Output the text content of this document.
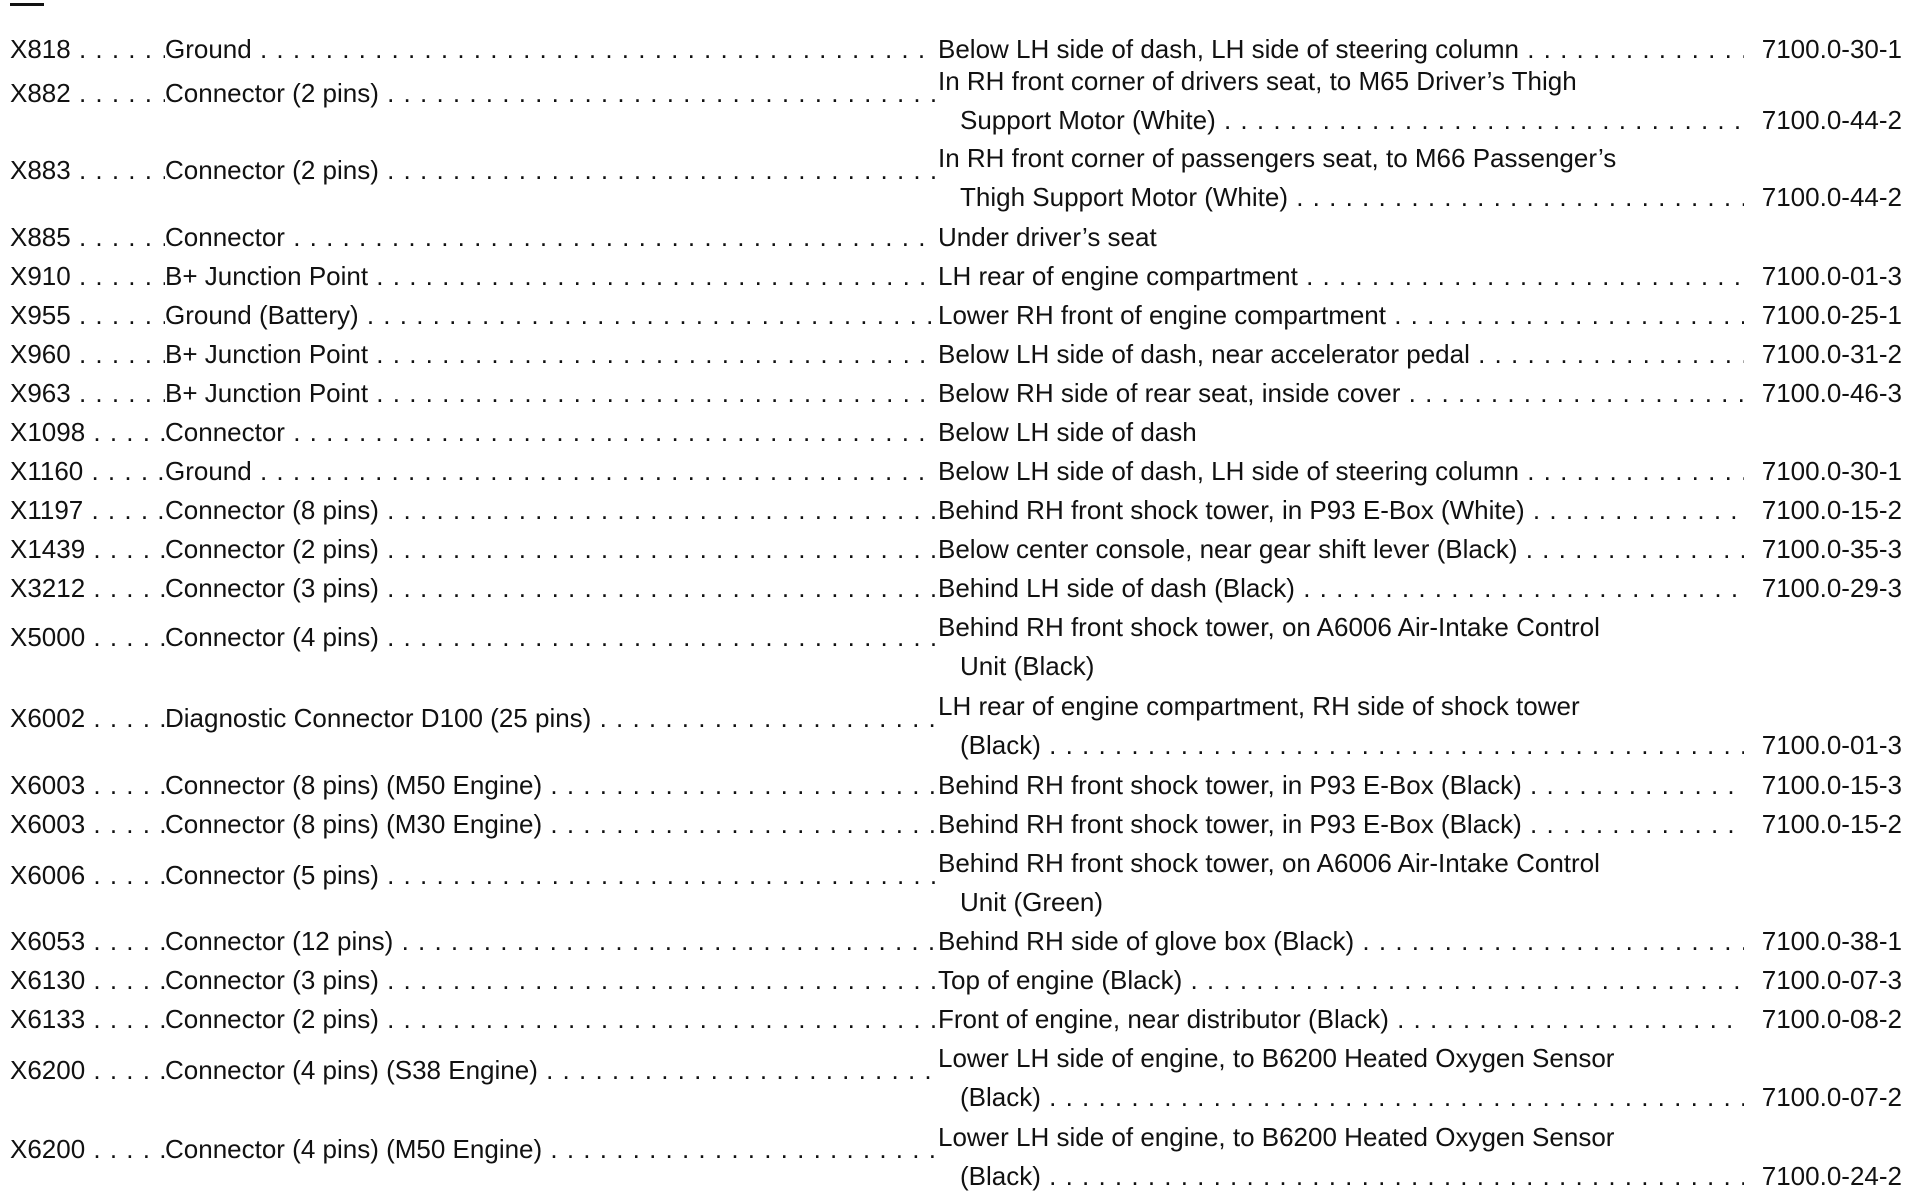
X818 . . .	Ground . . .	Below LH side of dash, LH side of steering column . . .	7100.0-30-1
X882 . . .	Connector (2 pins) . . .	In RH front corner of drivers seat, to M65 Driver’s Thigh
Support Motor (White) . . .	7100.0-44-2
X883 . . .	Connector (2 pins) . . .	In RH front corner of passengers seat, to M66 Passenger’s
Thigh Support Motor (White) . . .	7100.0-44-2
X885 . . .	Connector . . .	Under driver’s seat
X910 . . .	B+ Junction Point . . .	LH rear of engine compartment . . .	7100.0-01-3
X955 . . .	Ground (Battery) . . .	Lower RH front of engine compartment . . .	7100.0-25-1
X960 . . .	B+ Junction Point . . .	Below LH side of dash, near accelerator pedal . . .	7100.0-31-2
X963 . . .	B+ Junction Point . . .	Below RH side of rear seat, inside cover . . .	7100.0-46-3
X1098 . . .	Connector . . .	Below LH side of dash
X1160 . . .	Ground . . .	Below LH side of dash, LH side of steering column . . .	7100.0-30-1
X1197 . . .	Connector (8 pins) . . .	Behind RH front shock tower, in P93 E-Box (White) . . .	7100.0-15-2
X1439 . . .	Connector (2 pins) . . .	Below center console, near gear shift lever (Black) . . .	7100.0-35-3
X3212 . . .	Connector (3 pins) . . .	Behind LH side of dash (Black) . . .	7100.0-29-3
X5000 . . .	Connector (4 pins) . . .	Behind RH front shock tower, on A6006 Air-Intake Control
Unit (Black)
X6002 . . .	Diagnostic Connector D100 (25 pins) . . .	LH rear of engine compartment, RH side of shock tower
(Black) . . .	7100.0-01-3
X6003 . . .	Connector (8 pins) (M50 Engine) . . .	Behind RH front shock tower, in P93 E-Box (Black) . . .	7100.0-15-3
X6003 . . .	Connector (8 pins) (M30 Engine) . . .	Behind RH front shock tower, in P93 E-Box (Black) . . .	7100.0-15-2
X6006 . . .	Connector (5 pins) . . .	Behind RH front shock tower, on A6006 Air-Intake Control
Unit (Green)
X6053 . . .	Connector (12 pins) . . .	Behind RH side of glove box (Black) . . .	7100.0-38-1
X6130 . . .	Connector (3 pins) . . .	Top of engine (Black) . . .	7100.0-07-3
X6133 . . .	Connector (2 pins) . . .	Front of engine, near distributor (Black) . . .	7100.0-08-2
X6200 . . .	Connector (4 pins) (S38 Engine) . . .	Lower LH side of engine, to B6200 Heated Oxygen Sensor
(Black) . . .	7100.0-07-2
X6200 . . .	Connector (4 pins) (M50 Engine) . . .	Lower LH side of engine, to B6200 Heated Oxygen Sensor
(Black) . . .	7100.0-24-2
